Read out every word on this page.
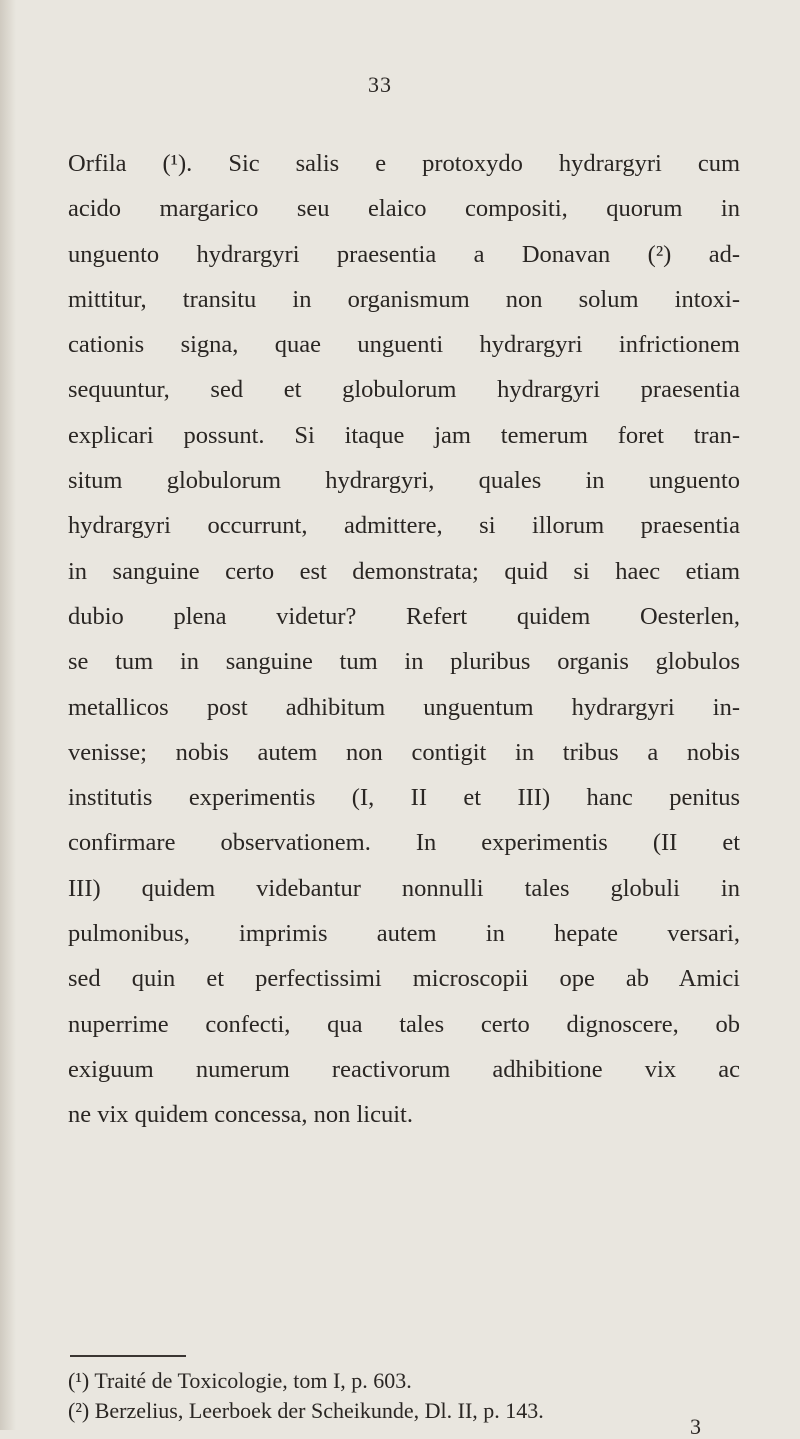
33
Orfila (¹). Sic salis e protoxydo hydrargyri cum
acido margarico seu elaico compositi, quorum in
unguento hydrargyri praesentia a Donavan (²) ad-
mittitur, transitu in organismum non solum intoxi-
cationis signa, quae unguenti hydrargyri infrictionem
sequuntur, sed et globulorum hydrargyri praesentia
explicari possunt. Si itaque jam temerum foret tran-
situm globulorum hydrargyri, quales in unguento
hydrargyri occurrunt, admittere, si illorum praesentia
in sanguine certo est demonstrata; quid si haec etiam
dubio plena videtur? Refert quidem Oesterlen,
se tum in sanguine tum in pluribus organis globulos
metallicos post adhibitum unguentum hydrargyri in-
venisse; nobis autem non contigit in tribus a nobis
institutis experimentis (I, II et III) hanc penitus
confirmare observationem. In experimentis (II et
III) quidem videbantur nonnulli tales globuli in
pulmonibus, imprimis autem in hepate versari,
sed quin et perfectissimi microscopii ope ab Amici
nuperrime confecti, qua tales certo dignoscere, ob
exiguum numerum reactivorum adhibitione vix ac
ne vix quidem concessa, non licuit.
(¹) Traité de Toxicologie, tom I, p. 603.
(²) Berzelius, Leerboek der Scheikunde, Dl. II, p. 143.
3
